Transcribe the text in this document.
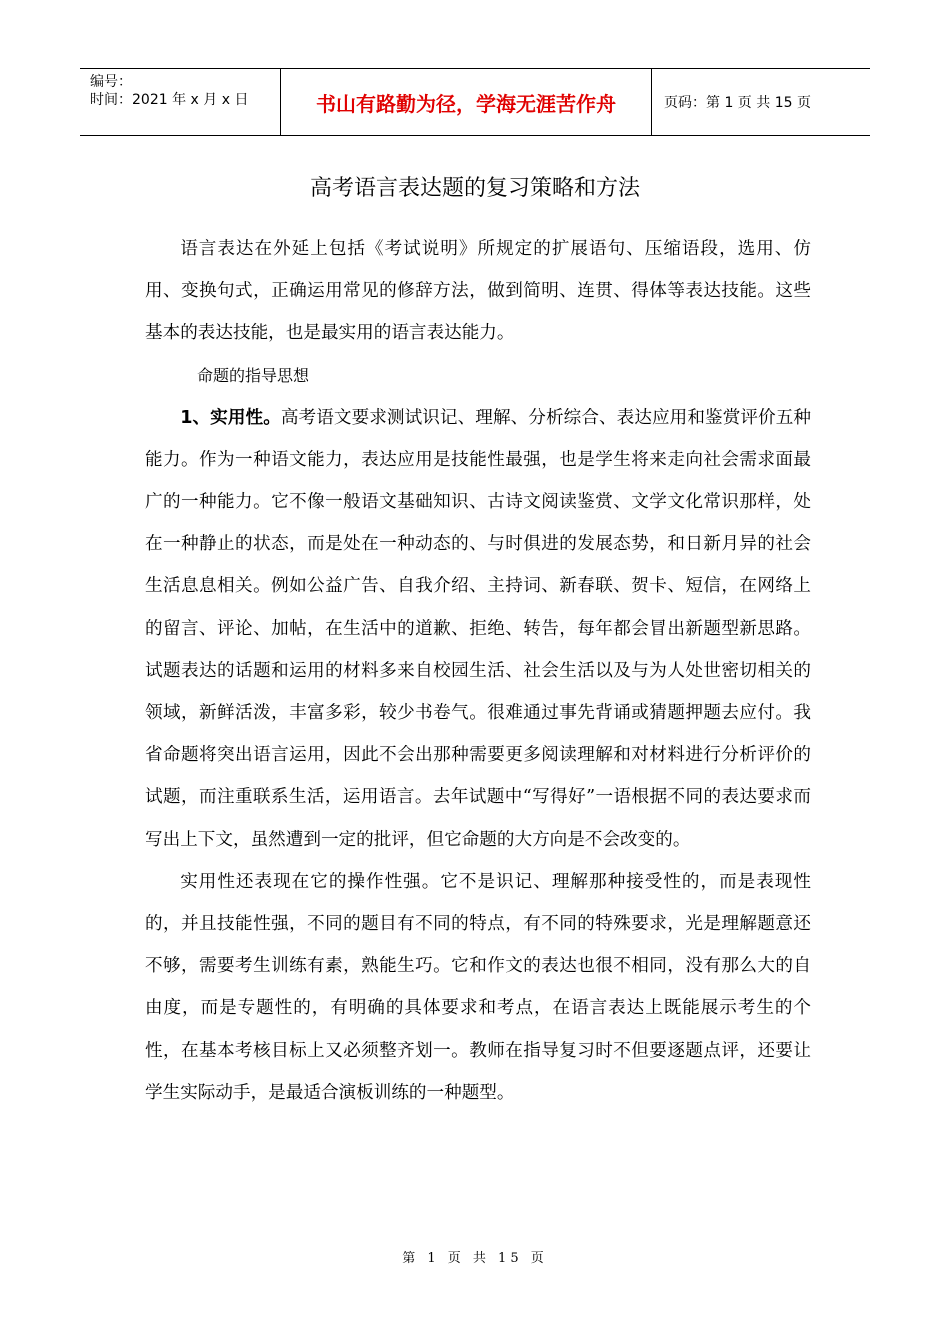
编号：
时间：2021 年 x 月 x 日	书山有路勤为径，学海无涯苦作舟	页码：第 1 页 共 15 页
高考语言表达题的复习策略和方法

语言表达在外延上包括《考试说明》所规定的扩展语句、压缩语段，选用、仿用、变换句式，正确运用常见的修辞方法，做到简明、连贯、得体等表达技能。这些基本的表达技能，也是最实用的语言表达能力。

命题的指导思想

1、实用性。高考语文要求测试识记、理解、分析综合、表达应用和鉴赏评价五种能力。作为一种语文能力，表达应用是技能性最强，也是学生将来走向社会需求面最广的一种能力。它不像一般语文基础知识、古诗文阅读鉴赏、文学文化常识那样，处在一种静止的状态，而是处在一种动态的、与时俱进的发展态势，和日新月异的社会生活息息相关。例如公益广告、自我介绍、主持词、新春联、贺卡、短信，在网络上的留言、评论、加帖，在生活中的道歉、拒绝、转告，每年都会冒出新题型新思路。试题表达的话题和运用的材料多来自校园生活、社会生活以及与为人处世密切相关的领域，新鲜活泼，丰富多彩，较少书卷气。很难通过事先背诵或猜题押题去应付。我省命题将突出语言运用，因此不会出那种需要更多阅读理解和对材料进行分析评价的试题，而注重联系生活，运用语言。去年试题中“写得好”一语根据不同的表达要求而写出上下文，虽然遭到一定的批评，但它命题的大方向是不会改变的。

实用性还表现在它的操作性强。它不是识记、理解那种接受性的，而是表现性的，并且技能性强，不同的题目有不同的特点，有不同的特殊要求，光是理解题意还不够，需要考生训练有素，熟能生巧。它和作文的表达也很不相同，没有那么大的自由度，而是专题性的，有明确的具体要求和考点，在语言表达上既能展示考生的个性，在基本考核目标上又必须整齐划一。教师在指导复习时不但要逐题点评，还要让学生实际动手，是最适合演板训练的一种题型。

第 1 页 共 15 页
